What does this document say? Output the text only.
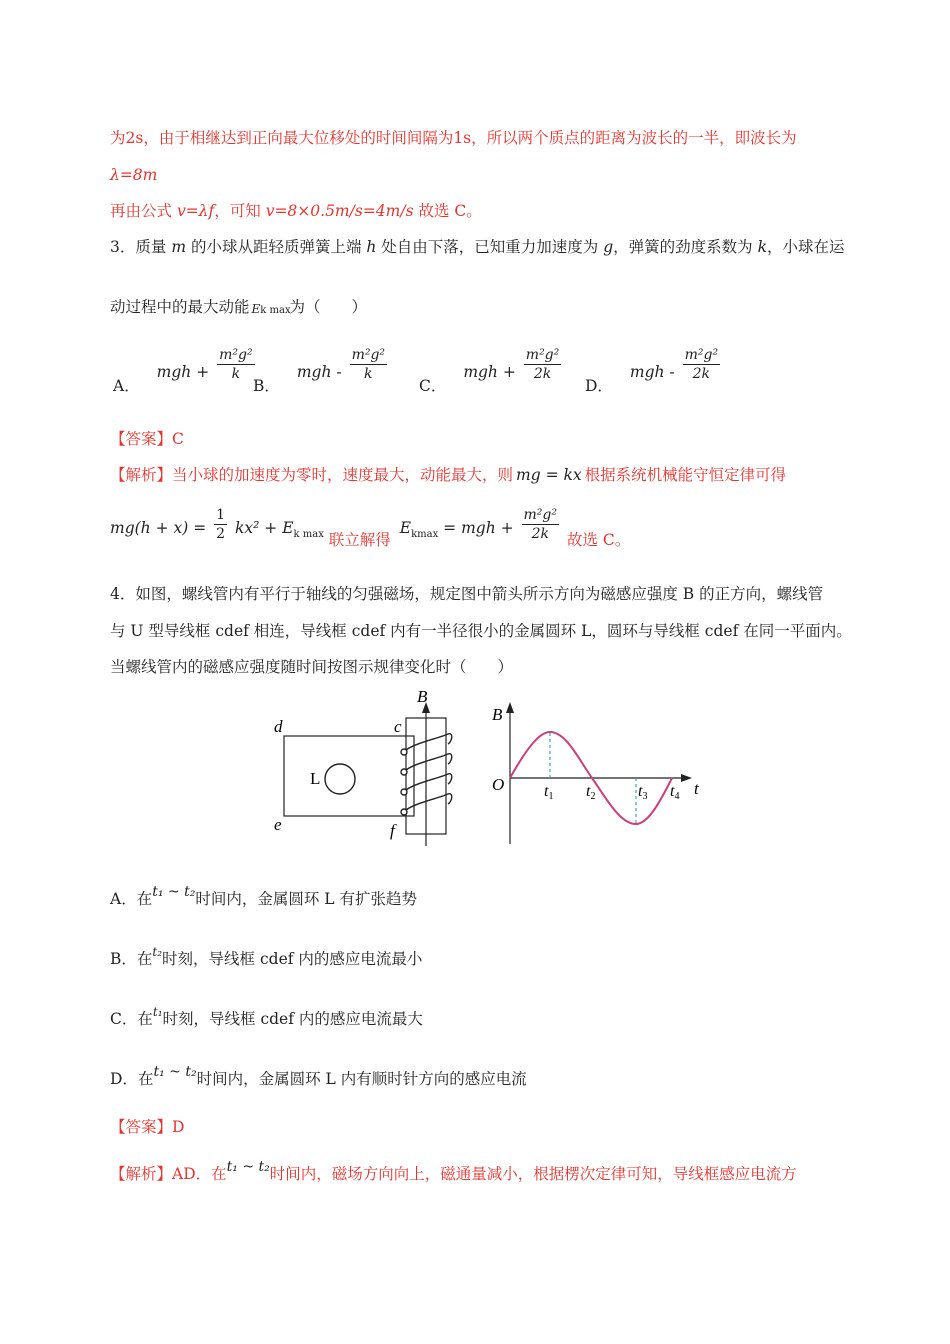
为2s，由于相继达到正向最大位移处的时间间隔为1s，所以两个质点的距离为波长的一半，即波长为
λ=8m
再由公式 v=λf，可知 v=8×0.5m/s=4m/s 故选 C。
3．质量 m 的小球从距轻质弹簧上端 h 处自由下落，已知重力加速度为 g，弹簧的劲度系数为 k，小球在运
动过程中的最大动能 Ek max
为（　　）
A． mgh + $\frac{\text{m²g²}}{k}$
B． mgh - $\frac{\text{m²g²}}{k}$
C． mgh + $\frac{\text{m²g²}}{2k}$
D． mgh - $\frac{\text{m²g²}}{2k}$
【答案】C
【解析】当小球的加速度为零时，速度最大，动能最大，则 mg = kx 根据系统机械能守恒定律可得
$mg(h + x) = \frac{1}{2} kx^2 + E_{k max}$ 联立解得 $E_{kmax}$ = mgh + $\frac{\text{m²g²}}{2k}$ 故选 C。
4．如图，螺线管内有平行于轴线的匀强磁场，规定图中箭头所示方向为磁感应强度 B 的正方向，螺线管
与 U 型导线框 cdef 相连，导线框 cdef 内有一半径很小的金属圆环 L，圆环与导线框 cdef 在同一平面内。
当螺线管内的磁感应强度随时间按图示规律变化时（　　）
L
d	c
e	f
B
B
O t1 t2	t3 t4 t
A．在t₁ ~ t₂时间内，金属圆环 L 有扩张趋势
B．在$^{t_2}$时刻，导线框 cdef 内的感应电流最小
C．在$^{t_1}$时刻，导线框 cdef 内的感应电流最大
D．在t₁ ~ t₂时间内，金属圆环 L 内有顺时针方向的感应电流
【答案】D
【解析】AD．在t₁ ~ t₂时间内，磁场方向向上，磁通量减小，根据楞次定律可知，导线框感应电流方
